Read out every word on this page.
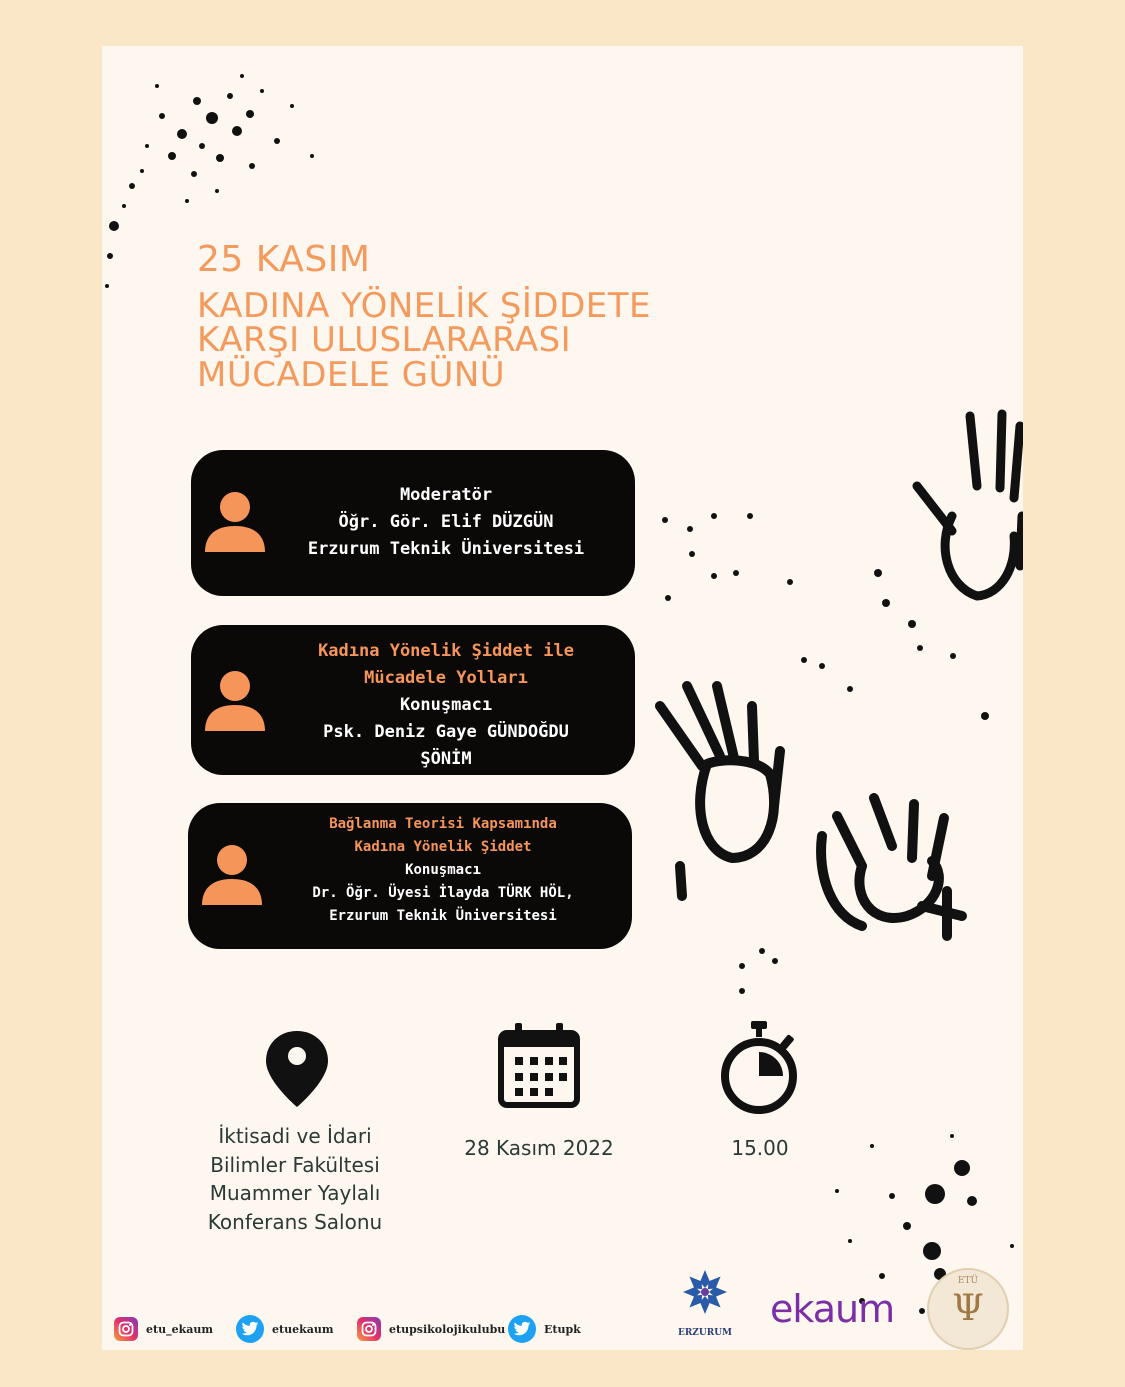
25 KASIM
KADINA YÖNELİK ŞİDDETE
KARŞI ULUSLARARASI
MÜCADELE GÜNÜ
Moderatör
Öğr. Gör. Elif DÜZGÜN
Erzurum Teknik Üniversitesi
Kadına Yönelik Şiddet ile
Mücadele Yolları
Konuşmacı
Psk. Deniz Gaye GÜNDOĞDU
ŞÖNİM
Bağlanma Teorisi Kapsamında
Kadına Yönelik Şiddet
Konuşmacı
Dr. Öğr. Üyesi İlayda TÜRK HÖL,
Erzurum Teknik Üniversitesi
İktisadi ve İdari
Bilimler Fakültesi
Muammer Yaylalı
Konferans Salonu
28 Kasım 2022	15.00
etu_ekaum	etuekaum	etupsikolojikulubu	Etupk	ERZURUM
ekaum
ETÜ
Ψ
